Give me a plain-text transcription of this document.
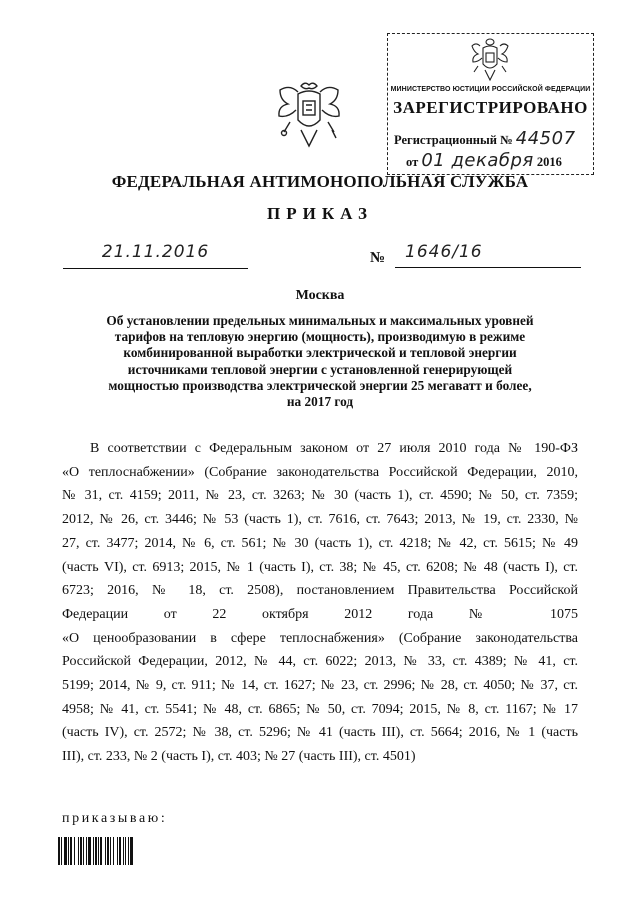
МИНИСТЕРСТВО ЮСТИЦИИ РОССИЙСКОЙ ФЕДЕРАЦИИ
ЗАРЕГИСТРИРОВАНО
Регистрационный № 44507
от 01 декабря 2016
ФЕДЕРАЛЬНАЯ АНТИМОНОПОЛЬНАЯ СЛУЖБА
ПРИКАЗ
21.11.2016	№	1646/16
Москва
Об установлении предельных минимальных и максимальных уровней
тарифов на тепловую энергию (мощность), производимую в режиме
комбинированной выработки электрической и тепловой энергии
источниками тепловой энергии с установленной генерирующей
мощностью производства электрической энергии 25 мегаватт и более,
на 2017 год
В соответствии с Федеральным законом от 27 июля 2010 года № 190-ФЗ
«О теплоснабжении» (Собрание законодательства Российской Федерации, 2010,
№ 31, ст. 4159; 2011, № 23, ст. 3263; № 30 (часть 1), ст. 4590; № 50, ст. 7359;
2012, № 26, ст. 3446; № 53 (часть 1), ст. 7616, ст. 7643; 2013, № 19, ст. 2330, №
27, ст. 3477; 2014, № 6, ст. 561; № 30 (часть 1), ст. 4218; № 42, ст. 5615; № 49
(часть VI), ст. 6913; 2015, № 1 (часть I), ст. 38; № 45, ст. 6208; № 48 (часть I), ст.
6723; 2016, № 18, ст. 2508), постановлением Правительства Российской
Федерации от 22 октября 2012 года № 1075
«О ценообразовании в сфере теплоснабжения» (Собрание законодательства
Российской Федерации, 2012, № 44, ст. 6022; 2013, № 33, ст. 4389; № 41, ст.
5199; 2014, № 9, ст. 911; № 14, ст. 1627; № 23, ст. 2996; № 28, ст. 4050; № 37, ст.
4958; № 41, ст. 5541; № 48, ст. 6865; № 50, ст. 7094; 2015, № 8, ст. 1167; № 17
(часть IV), ст. 2572; № 38, ст. 5296; № 41 (часть III), ст. 5664; 2016, № 1 (часть
III), ст. 233, № 2 (часть I), ст. 403; № 27 (часть III), ст. 4501)
приказываю:
